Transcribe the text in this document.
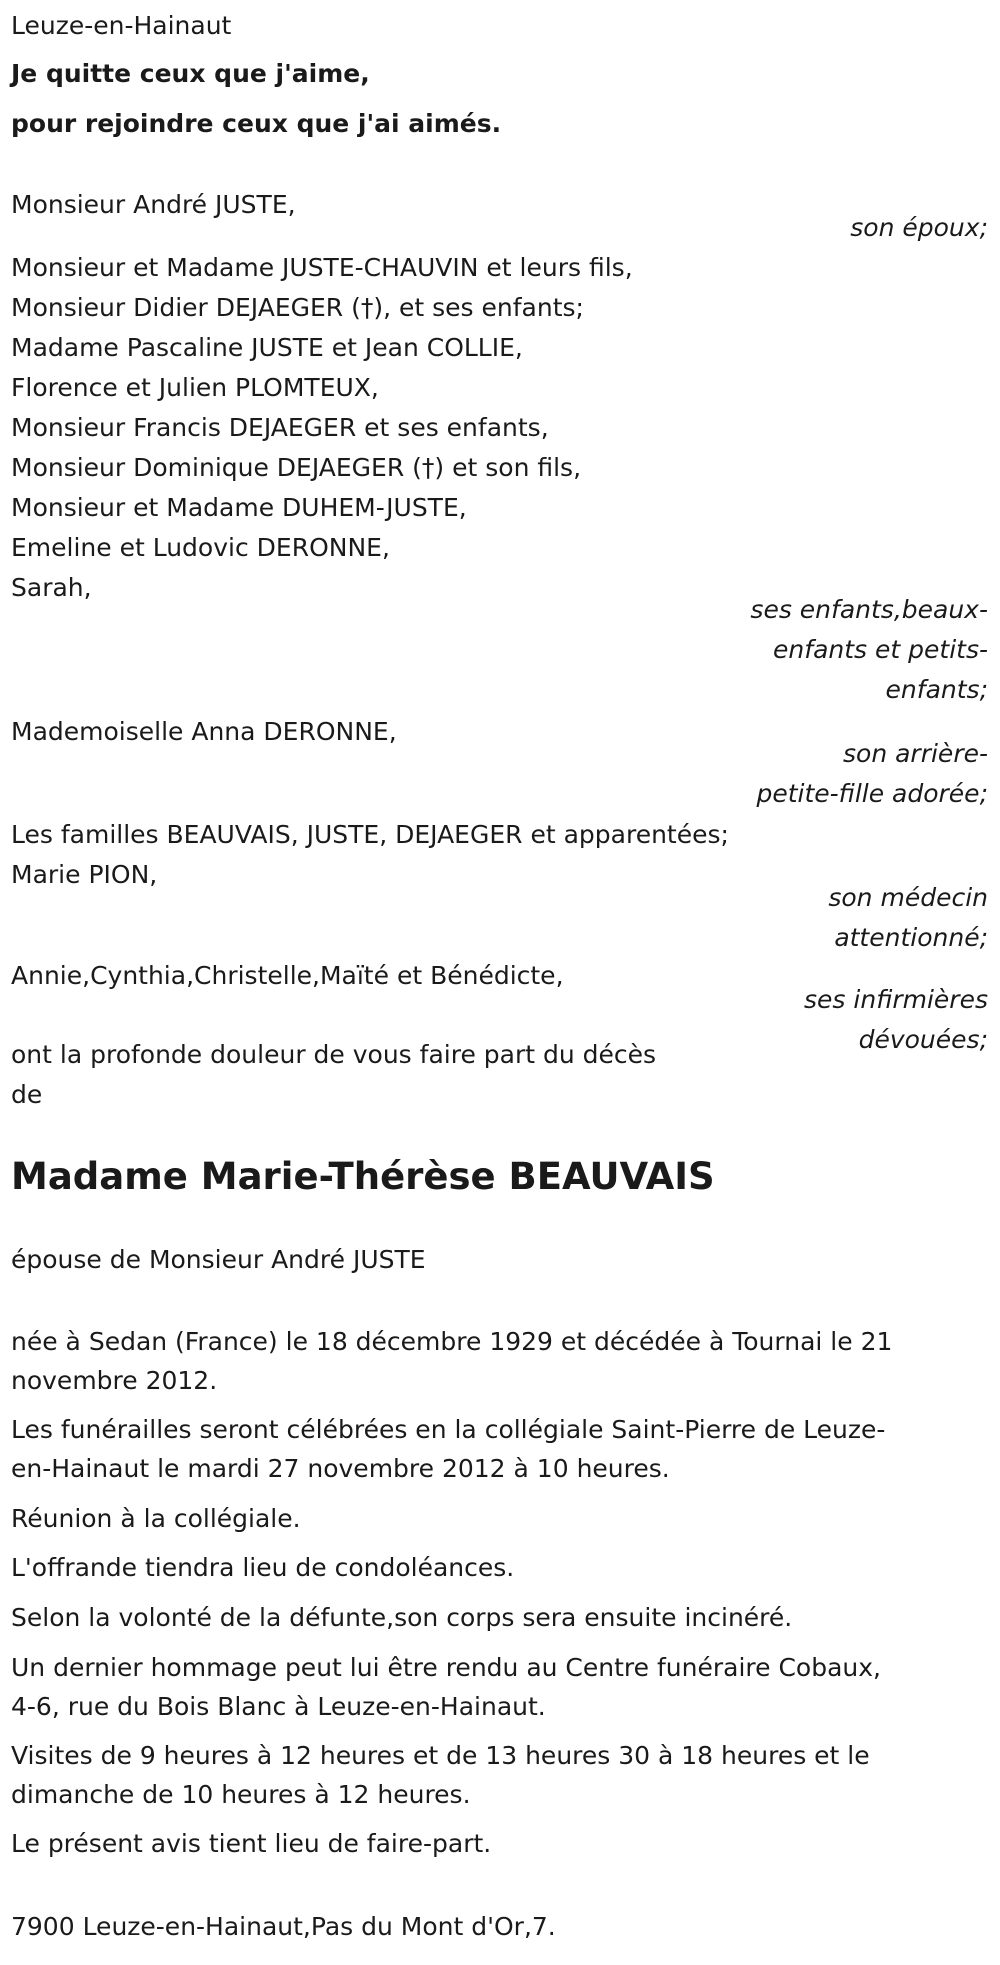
Leuze-en-Hainaut
Je quitte ceux que j'aime,
pour rejoindre ceux que j'ai aimés.
Monsieur André JUSTE,
son époux;
Monsieur et Madame JUSTE-CHAUVIN et leurs fils,
Monsieur Didier DEJAEGER (†), et ses enfants;
Madame Pascaline JUSTE et Jean COLLIE,
Florence et Julien PLOMTEUX,
Monsieur Francis DEJAEGER et ses enfants,
Monsieur Dominique DEJAEGER (†) et son fils,
Monsieur et Madame DUHEM-JUSTE,
Emeline et Ludovic DERONNE,
Sarah,
ses enfants,beaux-
enfants et petits-
enfants;
Mademoiselle Anna DERONNE,
son arrière-
petite-fille adorée;
Les familles BEAUVAIS, JUSTE, DEJAEGER et apparentées;
Marie PION,
son médecin
attentionné;
Annie,Cynthia,Christelle,Maïté et Bénédicte,
ses infirmières
dévouées;
ont la profonde douleur de vous faire part du décès
de
Madame Marie-Thérèse BEAUVAIS
épouse de Monsieur André JUSTE
née à Sedan (France) le 18 décembre 1929 et décédée à Tournai le 21
novembre 2012.
Les funérailles seront célébrées en la collégiale Saint-Pierre de Leuze-
en-Hainaut le mardi 27 novembre 2012 à 10 heures.
Réunion à la collégiale.
L'offrande tiendra lieu de condoléances.
Selon la volonté de la défunte,son corps sera ensuite incinéré.
Un dernier hommage peut lui être rendu au Centre funéraire Cobaux,
4-6, rue du Bois Blanc à Leuze-en-Hainaut.
Visites de 9 heures à 12 heures et de 13 heures 30 à 18 heures et le
dimanche de 10 heures à 12 heures.
Le présent avis tient lieu de faire-part.
7900 Leuze-en-Hainaut,Pas du Mont d'Or,7.
